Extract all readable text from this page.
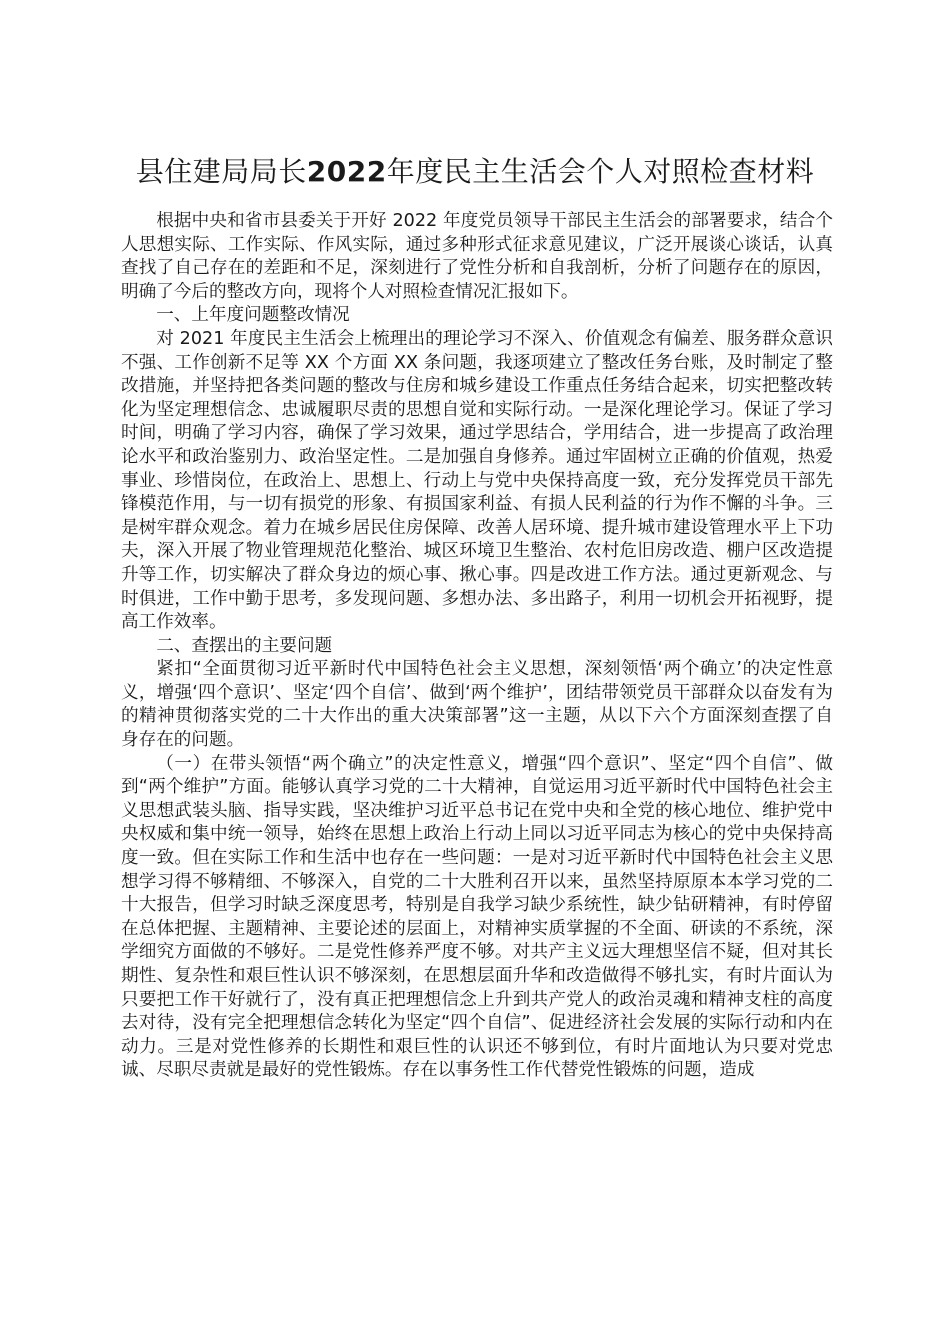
县住建局局长2022年度民主生活会个人对照检查材料

根据中央和省市县委关于开好 2022 年度党员领导干部民主生活会的部署要求，结合个人思想实际、工作实际、作风实际，通过多种形式征求意见建议，广泛开展谈心谈话，认真查找了自己存在的差距和不足，深刻进行了党性分析和自我剖析，分析了问题存在的原因，明确了今后的整改方向，现将个人对照检查情况汇报如下。

一、上年度问题整改情况

对 2021 年度民主生活会上梳理出的理论学习不深入、价值观念有偏差、服务群众意识不强、工作创新不足等 XX 个方面 XX 条问题，我逐项建立了整改任务台账，及时制定了整改措施，并坚持把各类问题的整改与住房和城乡建设工作重点任务结合起来，切实把整改转化为坚定理想信念、忠诚履职尽责的思想自觉和实际行动。一是深化理论学习。保证了学习时间，明确了学习内容，确保了学习效果，通过学思结合，学用结合，进一步提高了政治理论水平和政治鉴别力、政治坚定性。二是加强自身修养。通过牢固树立正确的价值观，热爱事业、珍惜岗位，在政治上、思想上、行动上与党中央保持高度一致，充分发挥党员干部先锋模范作用，与一切有损党的形象、有损国家利益、有损人民利益的行为作不懈的斗争。三是树牢群众观念。着力在城乡居民住房保障、改善人居环境、提升城市建设管理水平上下功夫，深入开展了物业管理规范化整治、城区环境卫生整治、农村危旧房改造、棚户区改造提升等工作，切实解决了群众身边的烦心事、揪心事。四是改进工作方法。通过更新观念、与时俱进，工作中勤于思考，多发现问题、多想办法、多出路子，利用一切机会开拓视野，提高工作效率。

二、查摆出的主要问题

紧扣“全面贯彻习近平新时代中国特色社会主义思想，深刻领悟‘两个确立’的决定性意义，增强‘四个意识’、坚定‘四个自信’、做到‘两个维护’，团结带领党员干部群众以奋发有为的精神贯彻落实党的二十大作出的重大决策部署”这一主题，从以下六个方面深刻查摆了自身存在的问题。

（一）在带头领悟“两个确立”的决定性意义，增强“四个意识”、坚定“四个自信”、做到“两个维护”方面。能够认真学习党的二十大精神，自觉运用习近平新时代中国特色社会主义思想武装头脑、指导实践，坚决维护习近平总书记在党中央和全党的核心地位、维护党中央权威和集中统一领导，始终在思想上政治上行动上同以习近平同志为核心的党中央保持高度一致。但在实际工作和生活中也存在一些问题：一是对习近平新时代中国特色社会主义思想学习得不够精细、不够深入，自党的二十大胜利召开以来，虽然坚持原原本本学习党的二十大报告，但学习时缺乏深度思考，特别是自我学习缺少系统性，缺少钻研精神，有时停留在总体把握、主题精神、主要论述的层面上，对精神实质掌握的不全面、研读的不系统，深学细究方面做的不够好。二是党性修养严度不够。对共产主义远大理想坚信不疑，但对其长期性、复杂性和艰巨性认识不够深刻，在思想层面升华和改造做得不够扎实，有时片面认为只要把工作干好就行了，没有真正把理想信念上升到共产党人的政治灵魂和精神支柱的高度去对待，没有完全把理想信念转化为坚定“四个自信”、促进经济社会发展的实际行动和内在动力。三是对党性修养的长期性和艰巨性的认识还不够到位，有时片面地认为只要对党忠诚、尽职尽责就是最好的党性锻炼。存在以事务性工作代替党性锻炼的问题，造成
